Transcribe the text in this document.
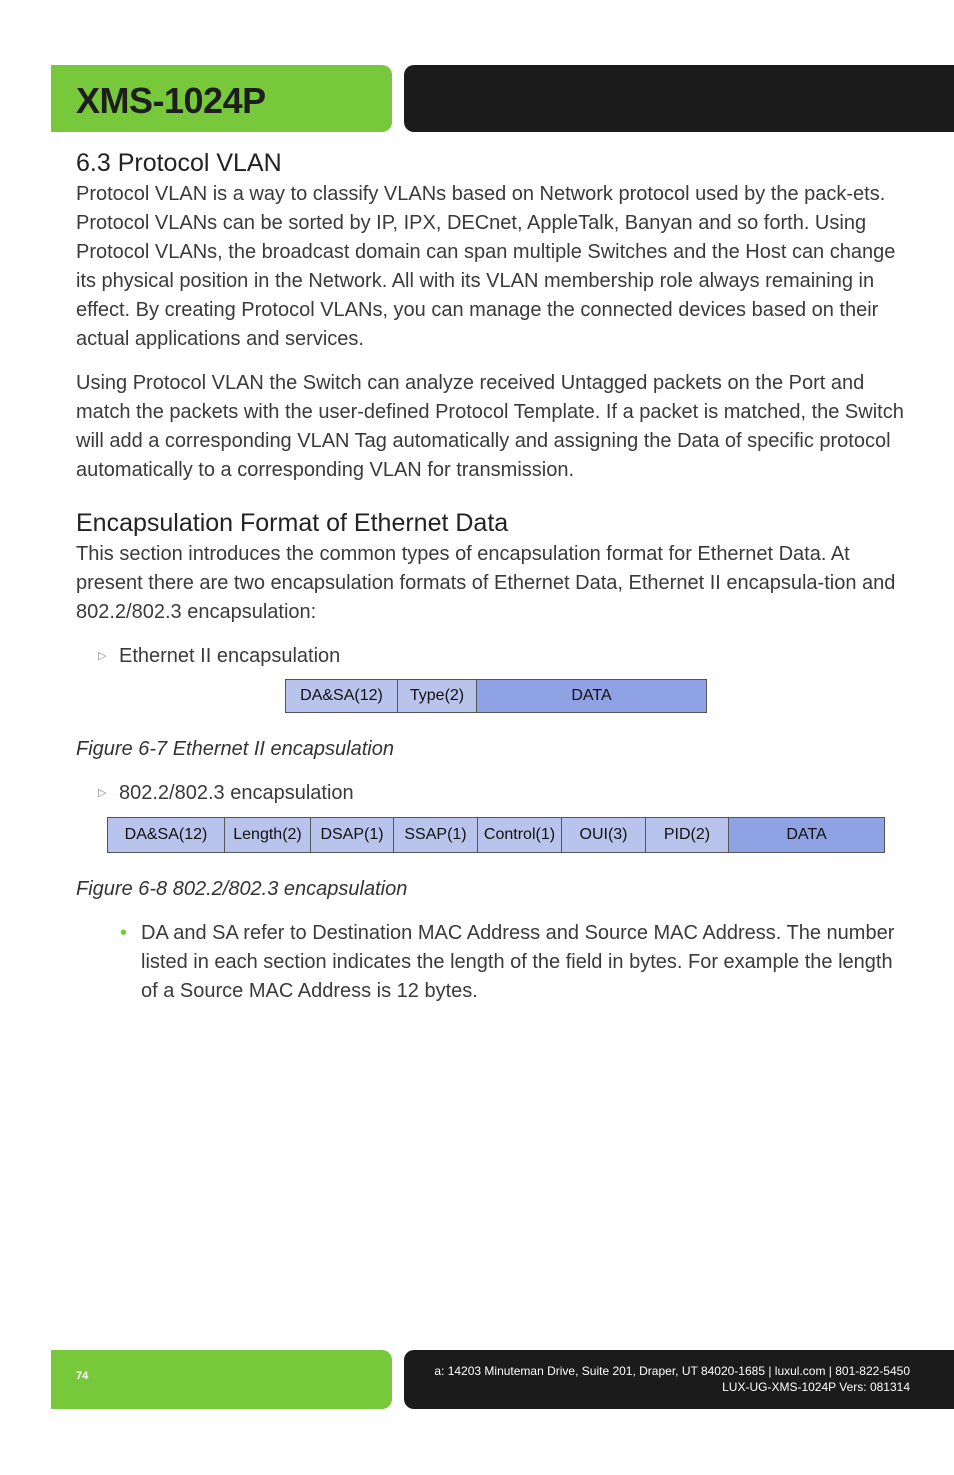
XMS-1024P
6.3 Protocol VLAN

Protocol VLAN is a way to classify VLANs based on Network protocol used by the pack-ets. Protocol VLANs can be sorted by IP, IPX, DECnet, AppleTalk, Banyan and so forth. Using Protocol VLANs, the broadcast domain can span multiple Switches and the Host can change its physical position in the Network. All with its VLAN membership role always remaining in effect. By creating Protocol VLANs, you can manage the connected devices based on their actual applications and services.

Using Protocol VLAN the Switch can analyze received Untagged packets on the Port and match the packets with the user-defined Protocol Template. If a packet is matched, the Switch will add a corresponding VLAN Tag automatically and assigning the Data of specific protocol automatically to a corresponding VLAN for transmission.

Encapsulation Format of Ethernet Data

This section introduces the common types of encapsulation format for Ethernet Data. At present there are two encapsulation formats of Ethernet Data, Ethernet II encapsula-tion and 802.2/802.3 encapsulation:

▷ Ethernet II encapsulation
DA&SA(12)	Type(2)	DATA
Figure 6-7 Ethernet II encapsulation
▷ 802.2/802.3 encapsulation
DA&SA(12)	Length(2)	DSAP(1)	SSAP(1)	Control(1)	OUI(3)	PID(2)	DATA
Figure 6-8 802.2/802.3 encapsulation
• DA and SA refer to Destination MAC Address and Source MAC Address. The number listed in each section indicates the length of the field in bytes. For example the length of a Source MAC Address is 12 bytes.
74	a: 14203 Minuteman Drive, Suite 201, Draper, UT 84020-1685 | luxul.com | 801-822-5450
LUX-UG-XMS-1024P Vers: 081314
